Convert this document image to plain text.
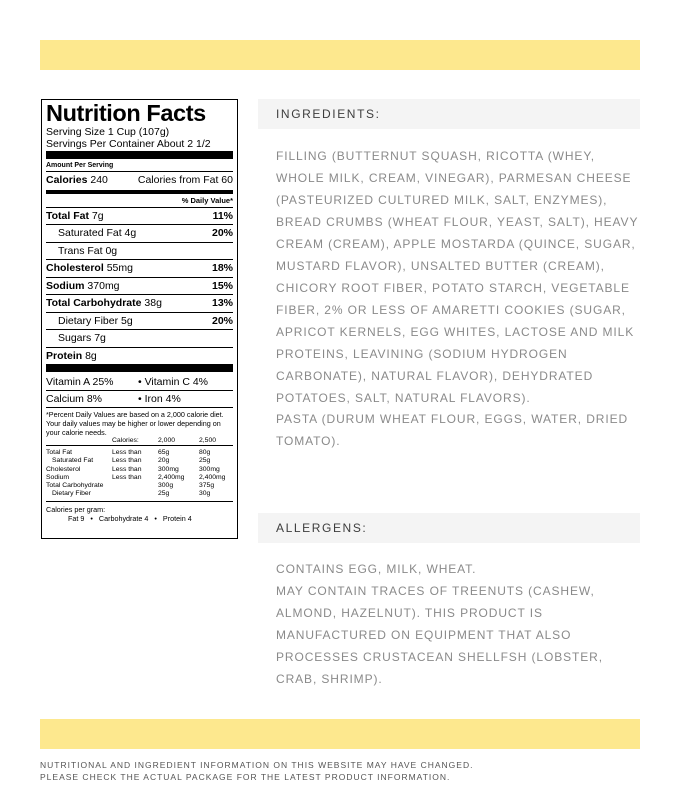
Nutrition Facts
Serving Size 1 Cup (107g)
Servings Per Container About 2 1/2
Amount Per Serving
Calories 240	Calories from Fat 60
% Daily Value*
Total Fat 7g	11%
Saturated Fat 4g	20%
Trans Fat 0g
Cholesterol 55mg	18%
Sodium 370mg	15%
Total Carbohydrate 38g	13%
Dietary Fiber 5g	20%
Sugars 7g
Protein 8g
Vitamin A 25%	• Vitamin C 4%
Calcium 8%	• Iron 4%
*Percent Daily Values are based on a 2,000 calorie diet. Your daily values may be higher or lower depending on your calorie needs.
	Calories:	2,000	2,500

Total Fat	Less than	65g	80g
Saturated Fat	Less than	20g	25g
Cholesterol	Less than	300mg	300mg
Sodium	Less than	2,400mg	2,400mg
Total Carbohydrate		300g	375g
Dietary Fiber		25g	30g
Calories per gram:
Fat 9   •   Carbohydrate 4   •   Protein 4
INGREDIENTS:
FILLING (BUTTERNUT SQUASH, RICOTTA (WHEY, WHOLE MILK, CREAM, VINEGAR), PARMESAN CHEESE (PASTEURIZED CULTURED MILK, SALT, ENZYMES), BREAD CRUMBS (WHEAT FLOUR, YEAST, SALT), HEAVY CREAM (CREAM), APPLE MOSTARDA (QUINCE, SUGAR, MUSTARD FLAVOR), UNSALTED BUTTER (CREAM), CHICORY ROOT FIBER, POTATO STARCH, VEGETABLE FIBER, 2% OR LESS OF AMARETTI COOKIES (SUGAR, APRICOT KERNELS, EGG WHITES, LACTOSE AND MILK PROTEINS, LEAVINING (SODIUM HYDROGEN CARBONATE), NATURAL FLAVOR), DEHYDRATED POTATOES, SALT, NATURAL FLAVORS).
PASTA (DURUM WHEAT FLOUR, EGGS, WATER, DRIED TOMATO).
ALLERGENS:
CONTAINS EGG, MILK, WHEAT.
MAY CONTAIN TRACES OF TREENUTS (CASHEW, ALMOND, HAZELNUT). THIS PRODUCT IS MANUFACTURED ON EQUIPMENT THAT ALSO PROCESSES CRUSTACEAN SHELLFSH (LOBSTER, CRAB, SHRIMP).
NUTRITIONAL AND INGREDIENT INFORMATION ON THIS WEBSITE MAY HAVE CHANGED.
PLEASE CHECK THE ACTUAL PACKAGE FOR THE LATEST PRODUCT INFORMATION.
